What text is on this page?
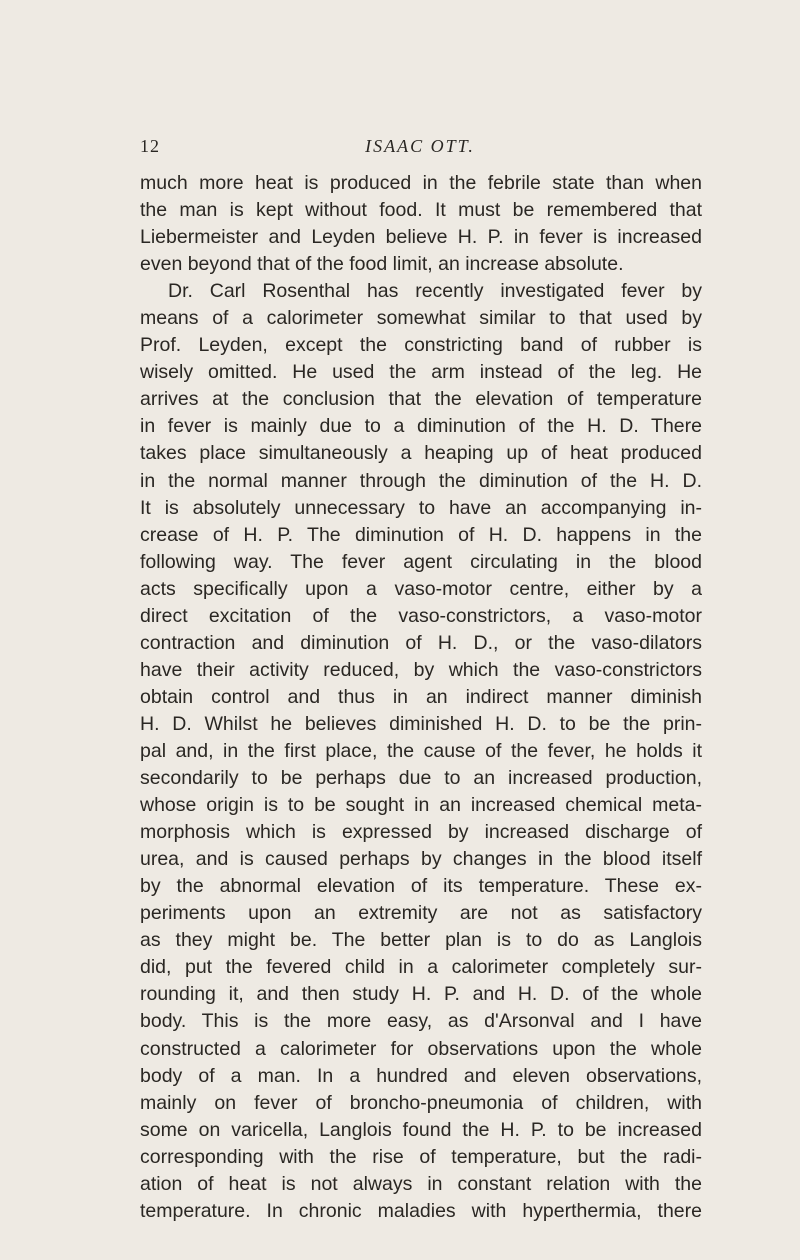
12	ISAAC OTT.
much more heat is produced in the febrile state than when
the man is kept without food. It must be remembered that
Liebermeister and Leyden believe H. P. in fever is increased
even beyond that of the food limit, an increase absolute.
Dr. Carl Rosenthal has recently investigated fever by
means of a calorimeter somewhat similar to that used by
Prof. Leyden, except the constricting band of rubber is
wisely omitted. He used the arm instead of the leg. He
arrives at the conclusion that the elevation of temperature
in fever is mainly due to a diminution of the H. D. There
takes place simultaneously a heaping up of heat produced
in the normal manner through the diminution of the H. D.
It is absolutely unnecessary to have an accompanying in-
crease of H. P. The diminution of H. D. happens in the
following way. The fever agent circulating in the blood
acts specifically upon a vaso-motor centre, either by a
direct excitation of the vaso-constrictors, a vaso-motor
contraction and diminution of H. D., or the vaso-dilators
have their activity reduced, by which the vaso-constrictors
obtain control and thus in an indirect manner diminish
H. D. Whilst he believes diminished H. D. to be the prin-
pal and, in the first place, the cause of the fever, he holds it
secondarily to be perhaps due to an increased production,
whose origin is to be sought in an increased chemical meta-
morphosis which is expressed by increased discharge of
urea, and is caused perhaps by changes in the blood itself
by the abnormal elevation of its temperature. These ex-
periments upon an extremity are not as satisfactory
as they might be. The better plan is to do as Langlois
did, put the fevered child in a calorimeter completely sur-
rounding it, and then study H. P. and H. D. of the whole
body. This is the more easy, as d'Arsonval and I have
constructed a calorimeter for observations upon the whole
body of a man. In a hundred and eleven observations,
mainly on fever of broncho-pneumonia of children, with
some on varicella, Langlois found the H. P. to be increased
corresponding with the rise of temperature, but the radi-
ation of heat is not always in constant relation with the
temperature. In chronic maladies with hyperthermia, there
